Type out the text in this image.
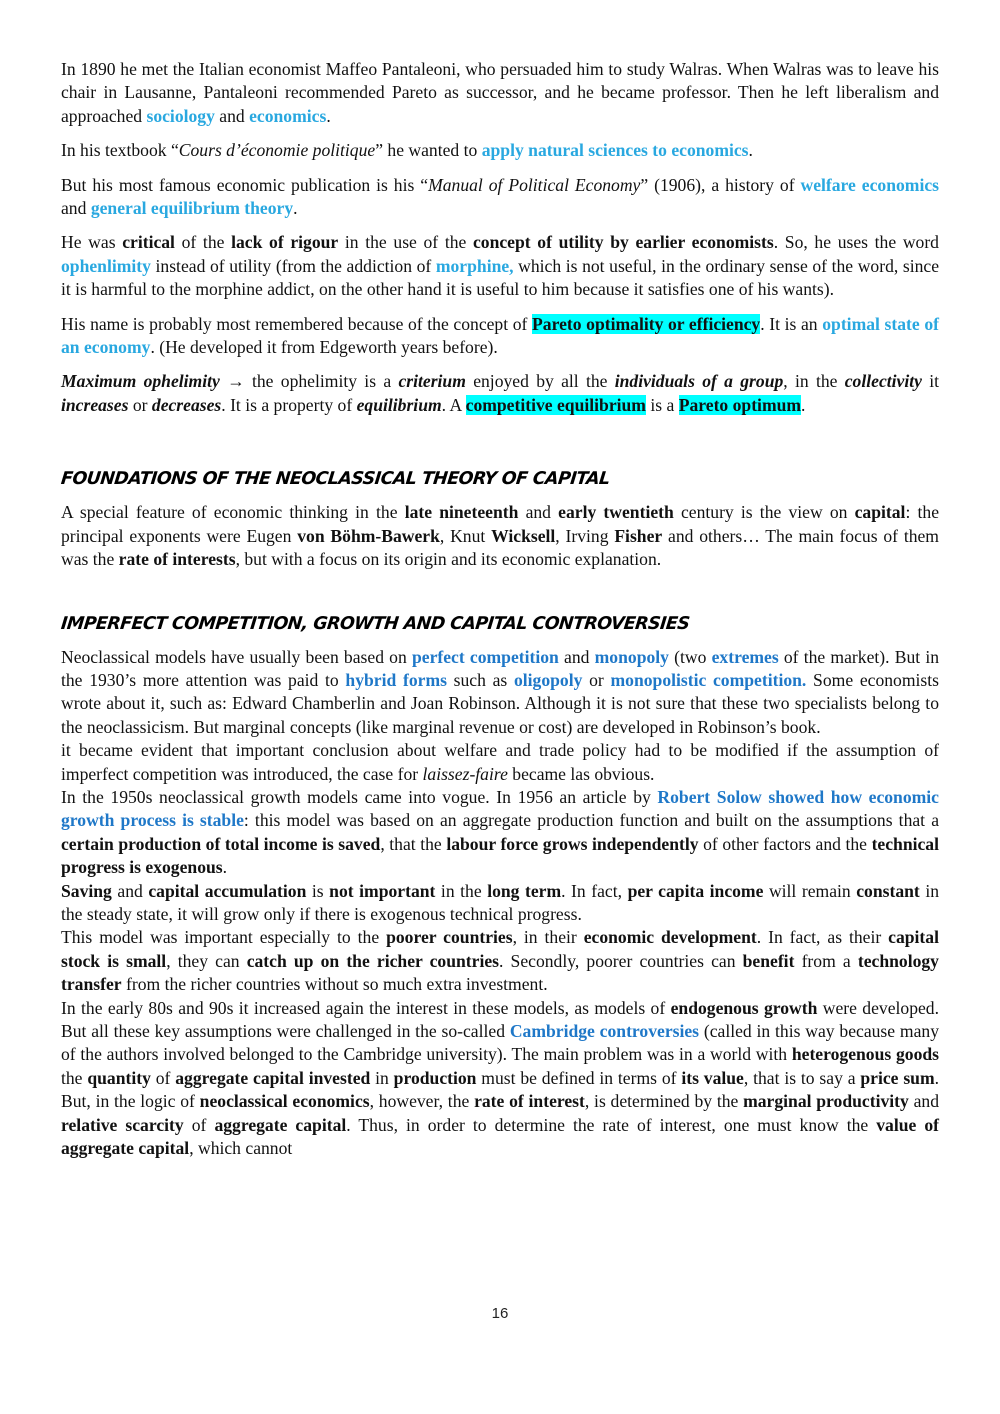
In 1890 he met the Italian economist Maffeo Pantaleoni, who persuaded him to study Walras. When Walras was to leave his chair in Lausanne, Pantaleoni recommended Pareto as successor, and he became professor. Then he left liberalism and approached sociology and economics.

In his textbook “Cours d’économie politique” he wanted to apply natural sciences to economics.

But his most famous economic publication is his “Manual of Political Economy” (1906), a history of welfare economics and general equilibrium theory.

He was critical of the lack of rigour in the use of the concept of utility by earlier economists. So, he uses the word ophenlimity instead of utility (from the addiction of morphine, which is not useful, in the ordinary sense of the word, since it is harmful to the morphine addict, on the other hand it is useful to him because it satisfies one of his wants).

His name is probably most remembered because of the concept of Pareto optimality or efficiency. It is an optimal state of an economy. (He developed it from Edgeworth years before).

Maximum ophelimity → the ophelimity is a criterium enjoyed by all the individuals of a group, in the collectivity it increases or decreases. It is a property of equilibrium. A competitive equilibrium is a Pareto optimum.

FOUNDATIONS OF THE NEOCLASSICAL THEORY OF CAPITAL

A special feature of economic thinking in the late nineteenth and early twentieth century is the view on capital: the principal exponents were Eugen von Böhm-Bawerk, Knut Wicksell, Irving Fisher and others… The main focus of them was the rate of interests, but with a focus on its origin and its economic explanation.

IMPERFECT COMPETITION, GROWTH AND CAPITAL CONTROVERSIES

Neoclassical models have usually been based on perfect competition and monopoly (two extremes of the market). But in the 1930’s more attention was paid to hybrid forms such as oligopoly or monopolistic competition. Some economists wrote about it, such as: Edward Chamberlin and Joan Robinson. Although it is not sure that these two specialists belong to the neoclassicism. But marginal concepts (like marginal revenue or cost) are developed in Robinson’s book.

it became evident that important conclusion about welfare and trade policy had to be modified if the assumption of imperfect competition was introduced, the case for laissez-faire became las obvious.

In the 1950s neoclassical growth models came into vogue. In 1956 an article by Robert Solow showed how economic growth process is stable: this model was based on an aggregate production function and built on the assumptions that a certain production of total income is saved, that the labour force grows independently of other factors and the technical progress is exogenous.

Saving and capital accumulation is not important in the long term. In fact, per capita income will remain constant in the steady state, it will grow only if there is exogenous technical progress.

This model was important especially to the poorer countries, in their economic development. In fact, as their capital stock is small, they can catch up on the richer countries. Secondly, poorer countries can benefit from a technology transfer from the richer countries without so much extra investment.

In the early 80s and 90s it increased again the interest in these models, as models of endogenous growth were developed. But all these key assumptions were challenged in the so-called Cambridge controversies (called in this way because many of the authors involved belonged to the Cambridge university). The main problem was in a world with heterogenous goods the quantity of aggregate capital invested in production must be defined in terms of its value, that is to say a price sum. But, in the logic of neoclassical economics, however, the rate of interest, is determined by the marginal productivity and relative scarcity of aggregate capital. Thus, in order to determine the rate of interest, one must know the value of aggregate capital, which cannot

16
